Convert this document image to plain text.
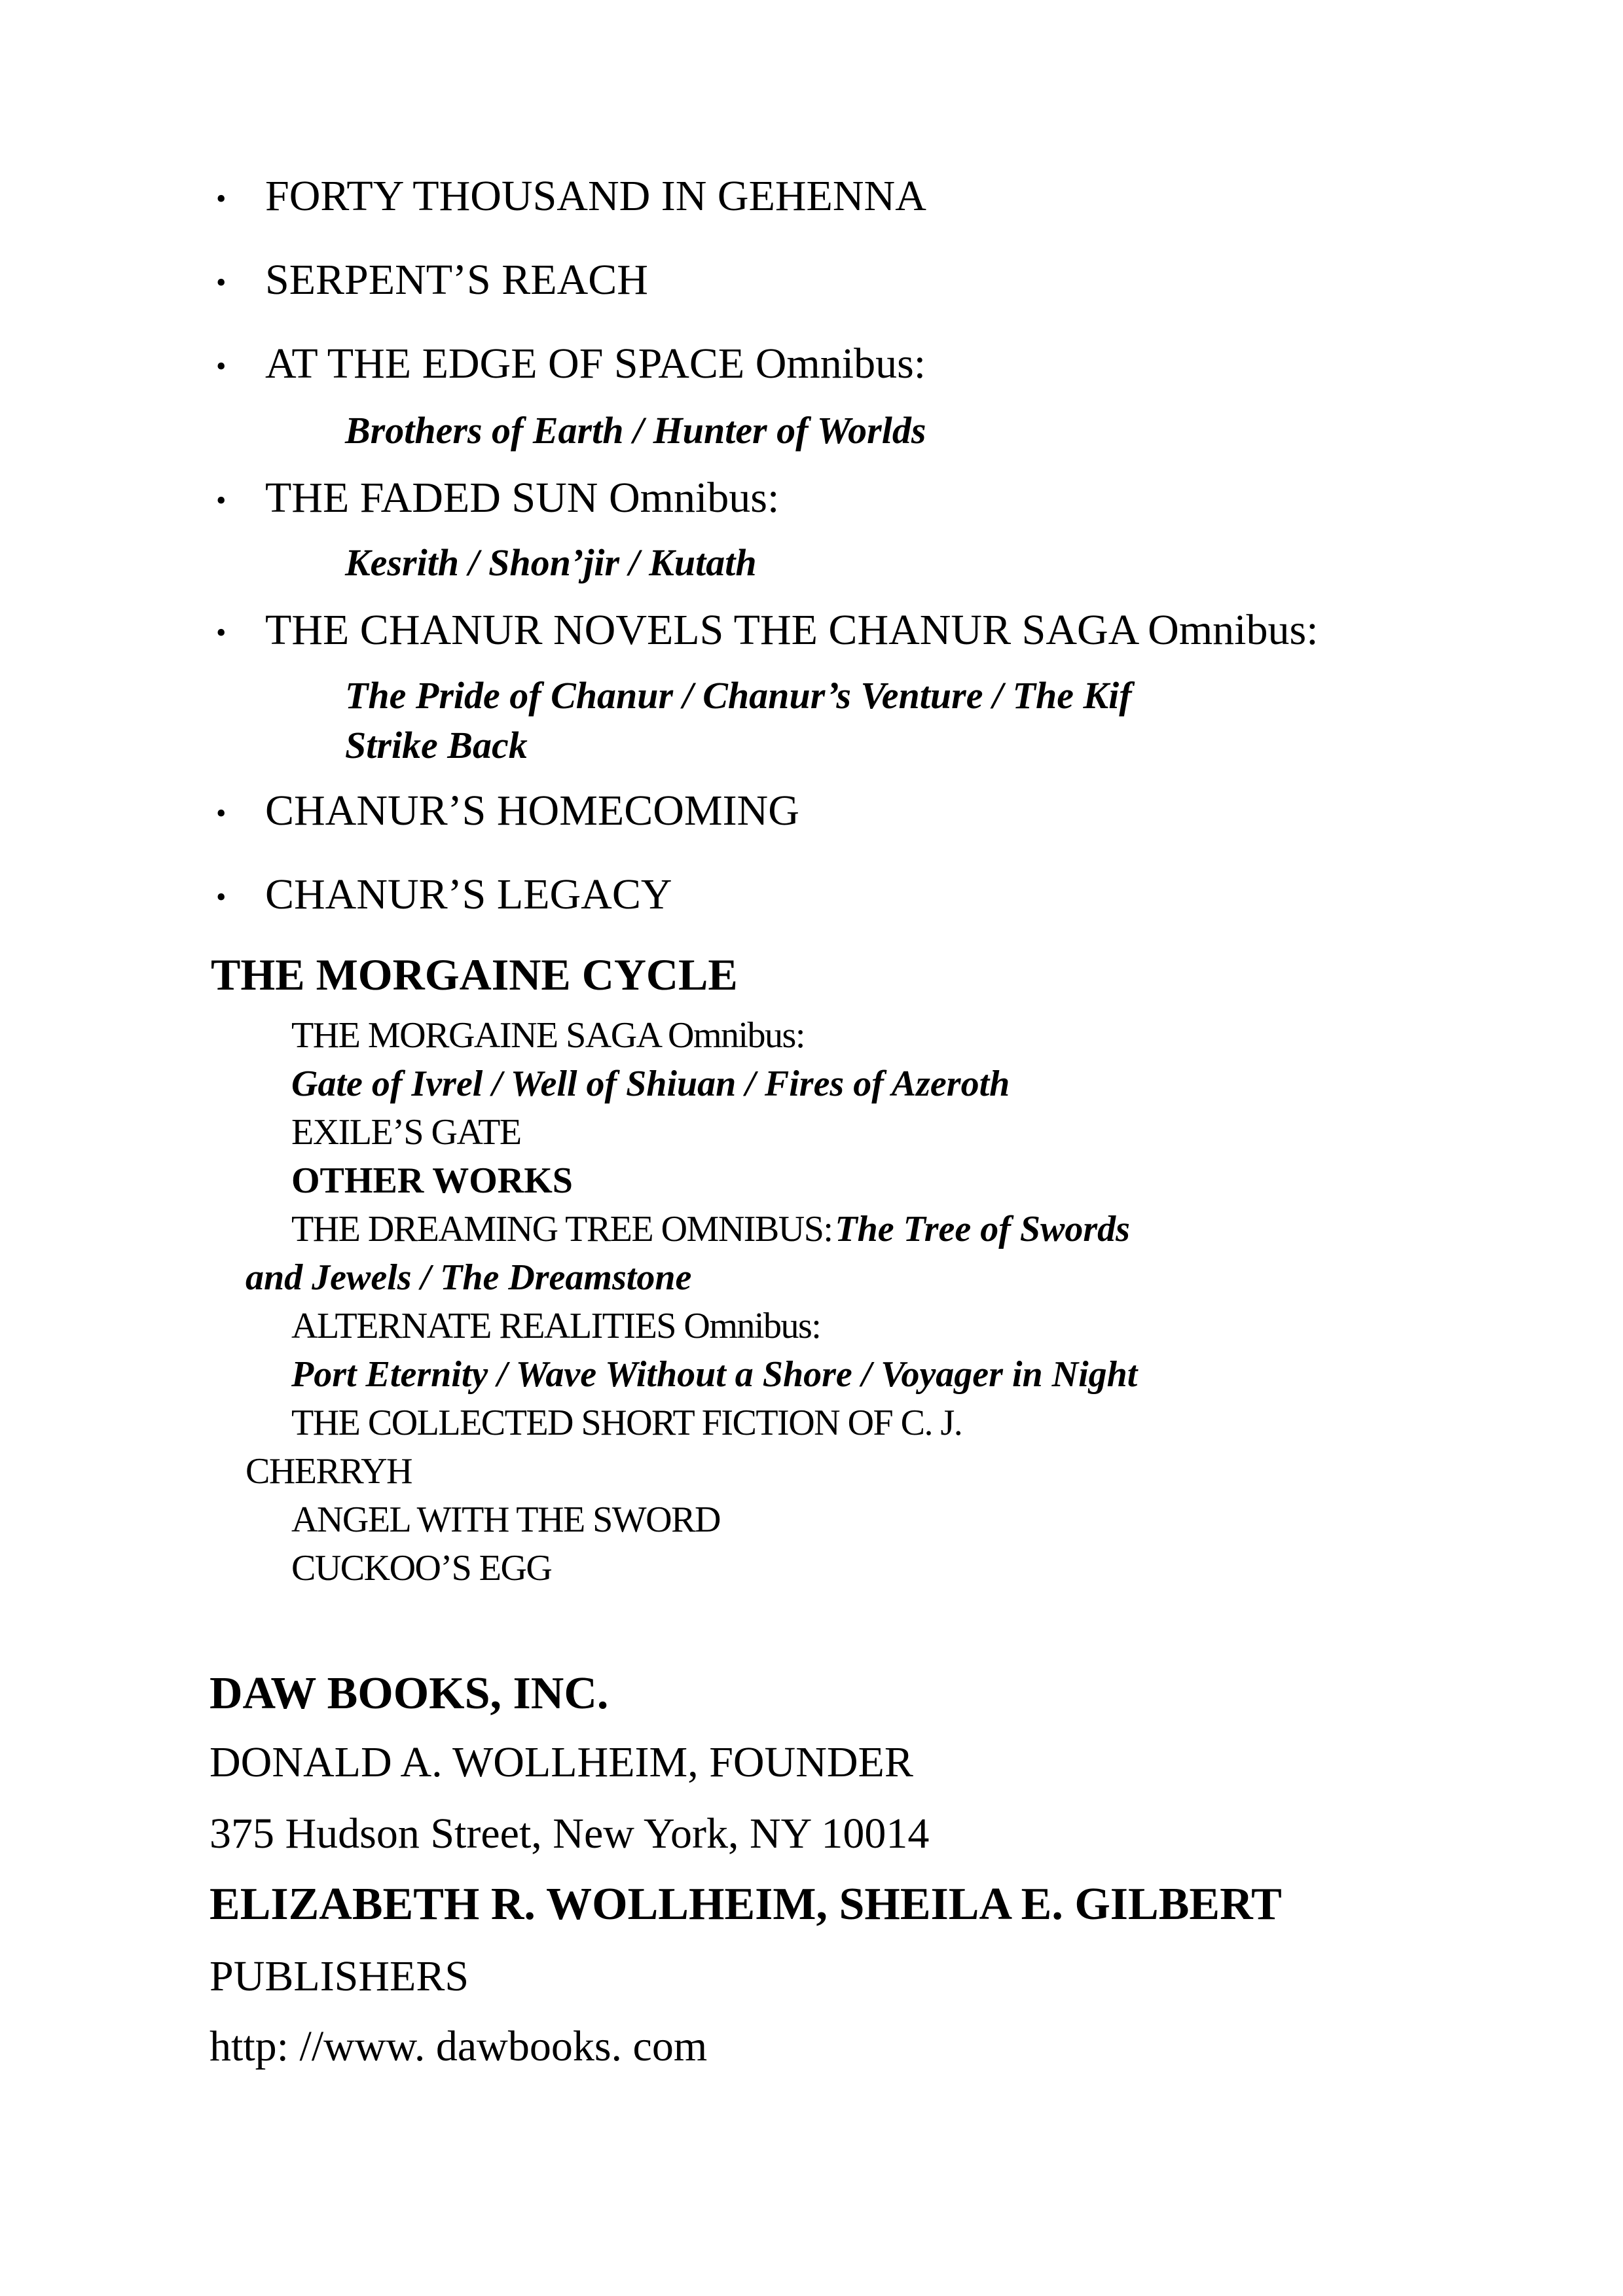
• FORTY THOUSAND IN GEHENNA
• SERPENT’S REACH
• AT THE EDGE OF SPACE Omnibus:
Brothers of Earth / Hunter of Worlds
• THE FADED SUN Omnibus:
Kesrith / Shon’jir / Kutath
• THE CHANUR NOVELS THE CHANUR SAGA Omnibus:
The Pride of Chanur / Chanur’s Venture / The Kif
Strike Back
• CHANUR’S HOMECOMING
• CHANUR’S LEGACY
THE MORGAINE CYCLE
THE MORGAINE SAGA Omnibus:
Gate of Ivrel / Well of Shiuan / Fires of Azeroth
EXILE’S GATE
OTHER WORKS
THE DREAMING TREE OMNIBUS: The Tree of Swords
and Jewels / The Dreamstone
ALTERNATE REALITIES Omnibus:
Port Eternity / Wave Without a Shore / Voyager in Night
THE COLLECTED SHORT FICTION OF C. J.
CHERRYH
ANGEL WITH THE SWORD
CUCKOO’S EGG
DAW BOOKS, INC.
DONALD A. WOLLHEIM, FOUNDER
375 Hudson Street, New York, NY 10014
ELIZABETH R. WOLLHEIM, SHEILA E. GILBERT
PUBLISHERS
http: //www. dawbooks. com
